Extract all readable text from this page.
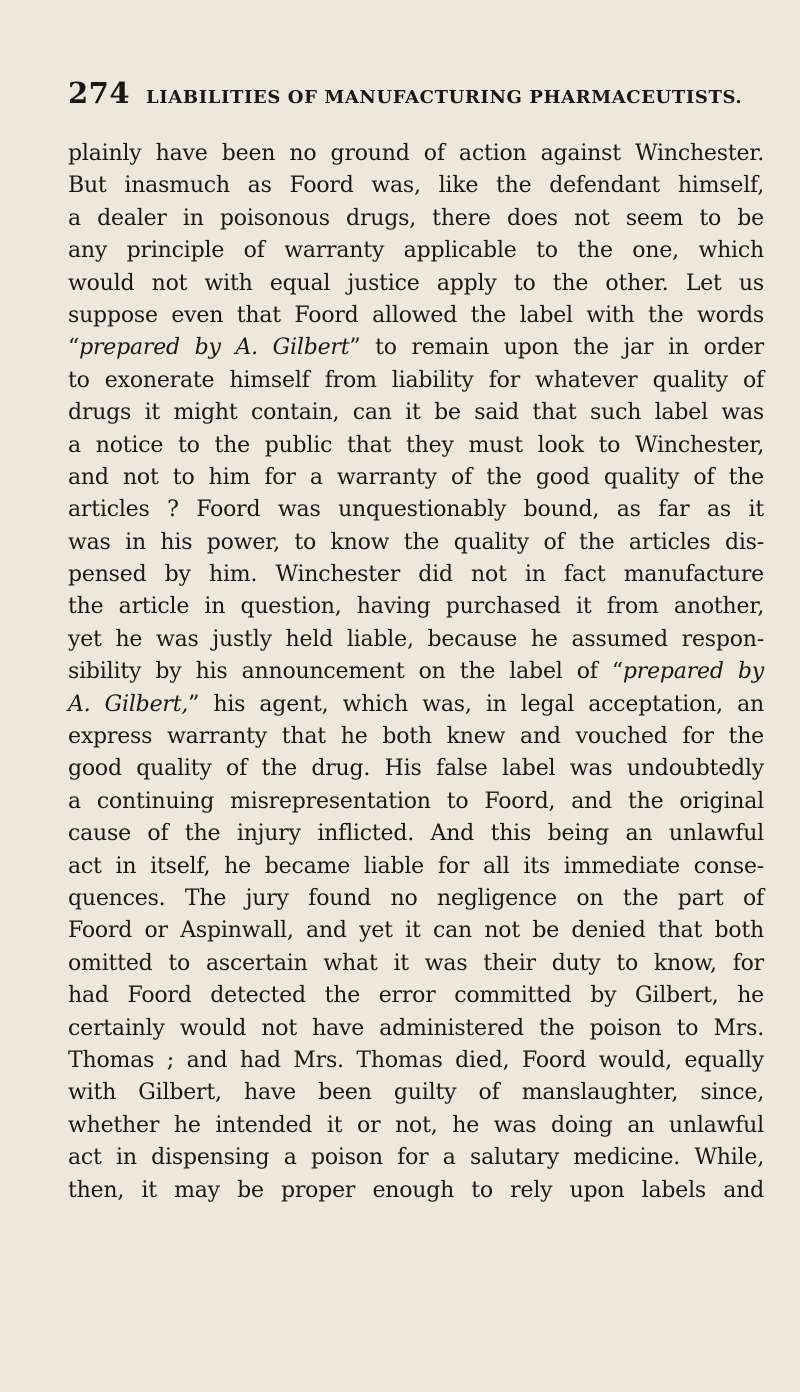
274 LIABILITIES OF MANUFACTURING PHARMACEUTISTS.
plainly have been no ground of action against Winchester.
But inasmuch as Foord was, like the defendant himself,
a dealer in poisonous drugs, there does not seem to be
any principle of warranty applicable to the one, which
would not with equal justice apply to the other. Let us
suppose even that Foord allowed the label with the words
“prepared by A. Gilbert” to remain upon the jar in order
to exonerate himself from liability for whatever quality of
drugs it might contain, can it be said that such label was
a notice to the public that they must look to Winchester,
and not to him for a warranty of the good quality of the
articles ? Foord was unquestionably bound, as far as it
was in his power, to know the quality of the articles dis-
pensed by him. Winchester did not in fact manufacture
the article in question, having purchased it from another,
yet he was justly held liable, because he assumed respon-
sibility by his announcement on the label of “prepared by
A. Gilbert,” his agent, which was, in legal acceptation, an
express warranty that he both knew and vouched for the
good quality of the drug. His false label was undoubtedly
a continuing misrepresentation to Foord, and the original
cause of the injury inflicted. And this being an unlawful
act in itself, he became liable for all its immediate conse-
quences. The jury found no negligence on the part of
Foord or Aspinwall, and yet it can not be denied that both
omitted to ascertain what it was their duty to know, for
had Foord detected the error committed by Gilbert, he
certainly would not have administered the poison to Mrs.
Thomas ; and had Mrs. Thomas died, Foord would, equally
with Gilbert, have been guilty of manslaughter, since,
whether he intended it or not, he was doing an unlawful
act in dispensing a poison for a salutary medicine. While,
then, it may be proper enough to rely upon labels and
